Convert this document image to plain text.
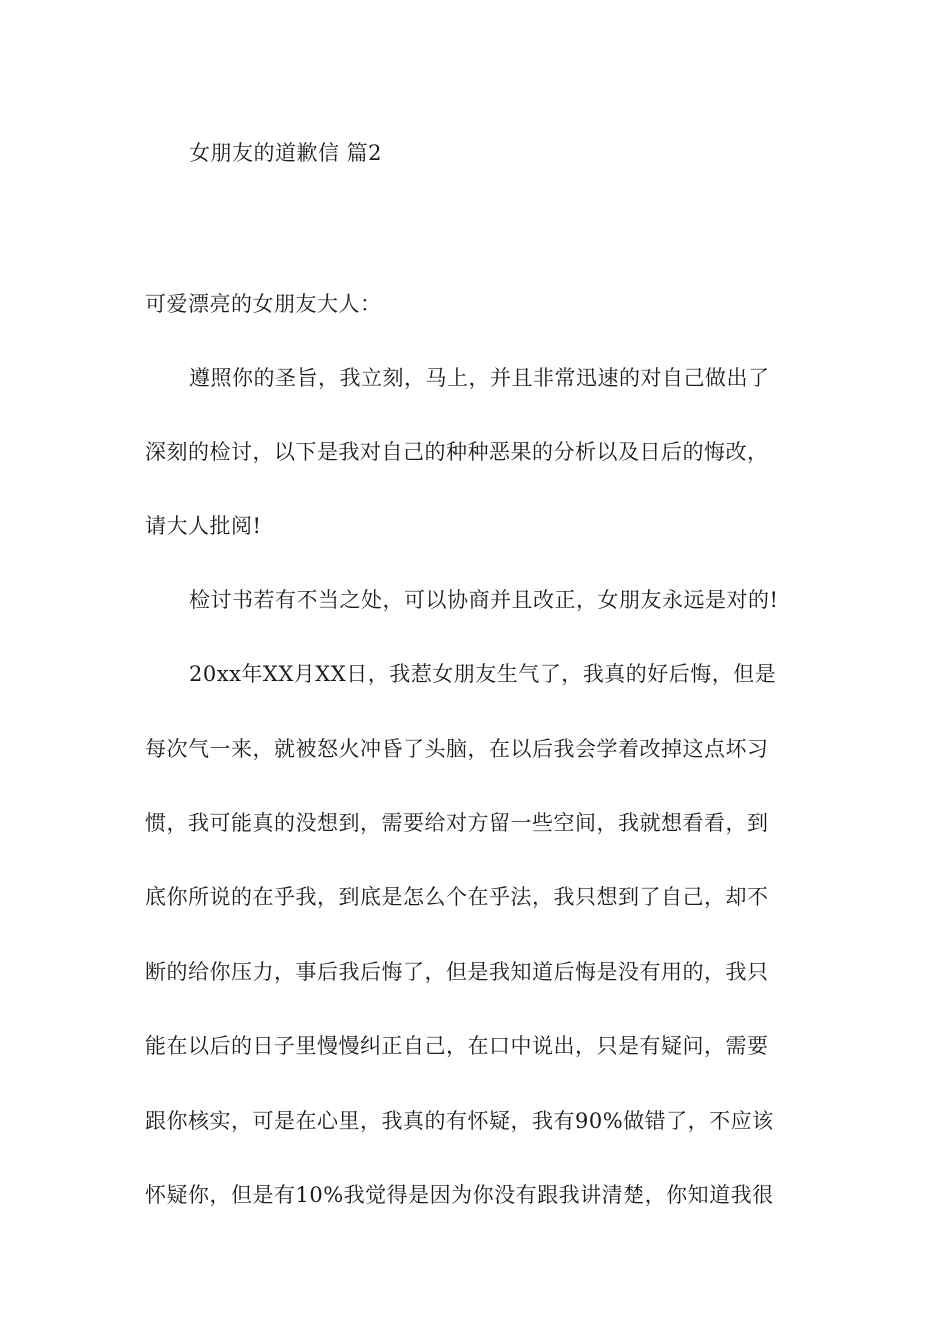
女朋友的道歉信 篇2
可爱漂亮的女朋友大人：
遵照你的圣旨，我立刻，马上，并且非常迅速的对自己做出了
深刻的检讨，以下是我对自己的种种恶果的分析以及日后的悔改，
请大人批阅!
检讨书若有不当之处，可以协商并且改正，女朋友永远是对的!
20xx年XX月XX日，我惹女朋友生气了，我真的好后悔，但是
每次气一来，就被怒火冲昏了头脑，在以后我会学着改掉这点坏习
惯，我可能真的没想到，需要给对方留一些空间，我就想看看，到
底你所说的在乎我，到底是怎么个在乎法，我只想到了自己，却不
断的给你压力，事后我后悔了，但是我知道后悔是没有用的，我只
能在以后的日子里慢慢纠正自己，在口中说出，只是有疑问，需要
跟你核实，可是在心里，我真的有怀疑，我有90%做错了，不应该
怀疑你，但是有10%我觉得是因为你没有跟我讲清楚，你知道我很
